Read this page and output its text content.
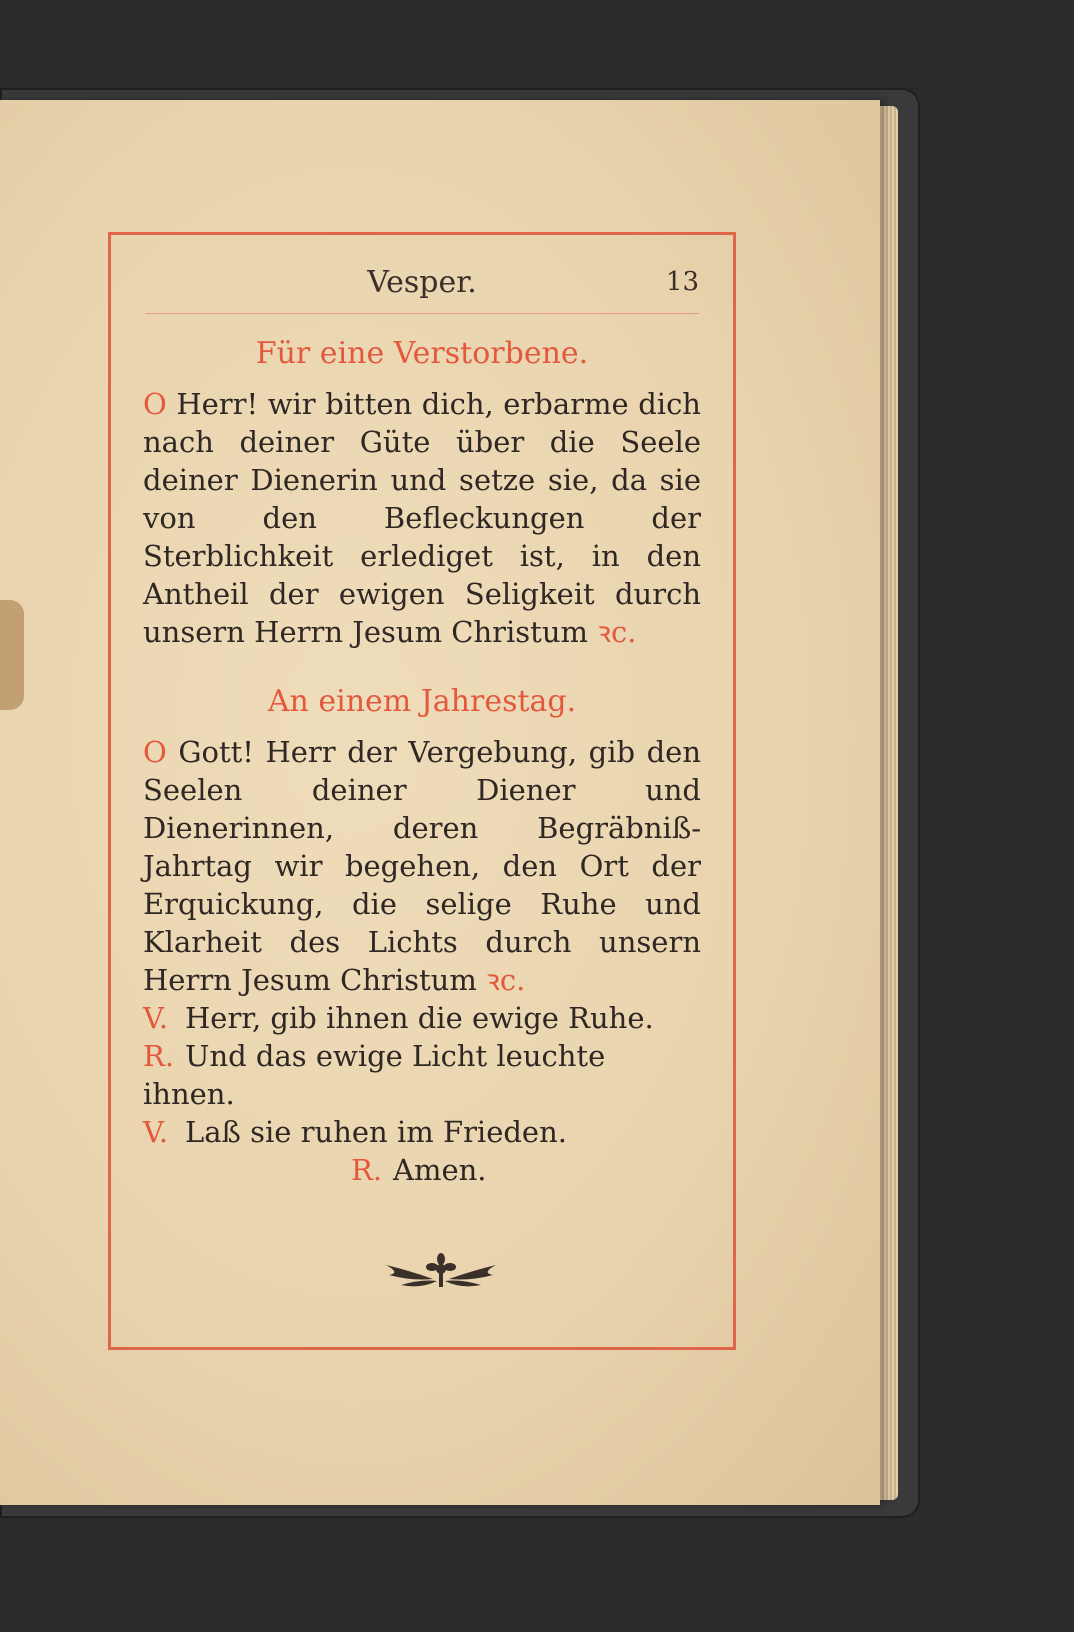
Vesper.	13
Für eine Verstorbene.
O Herr! wir bitten dich, erbarme dich nach deiner Güte über die Seele deiner Dienerin und setze sie, da sie von den Befleckungen der Sterblichkeit erlediget ist, in den Antheil der ewigen Seligkeit durch unsern Herrn Jesum Christum ꝛc.
An einem Jahrestag.
O Gott! Herr der Vergebung, gib den Seelen deiner Diener und Dienerinnen, deren Begräbniß-Jahrtag wir begehen, den Ort der Erquickung, die selige Ruhe und Klarheit des Lichts durch unsern Herrn Jesum Christum ꝛc.
V. Herr, gib ihnen die ewige Ruhe.
R. Und das ewige Licht leuchte ihnen.
V. Laß sie ruhen im Frieden.
R. Amen.
